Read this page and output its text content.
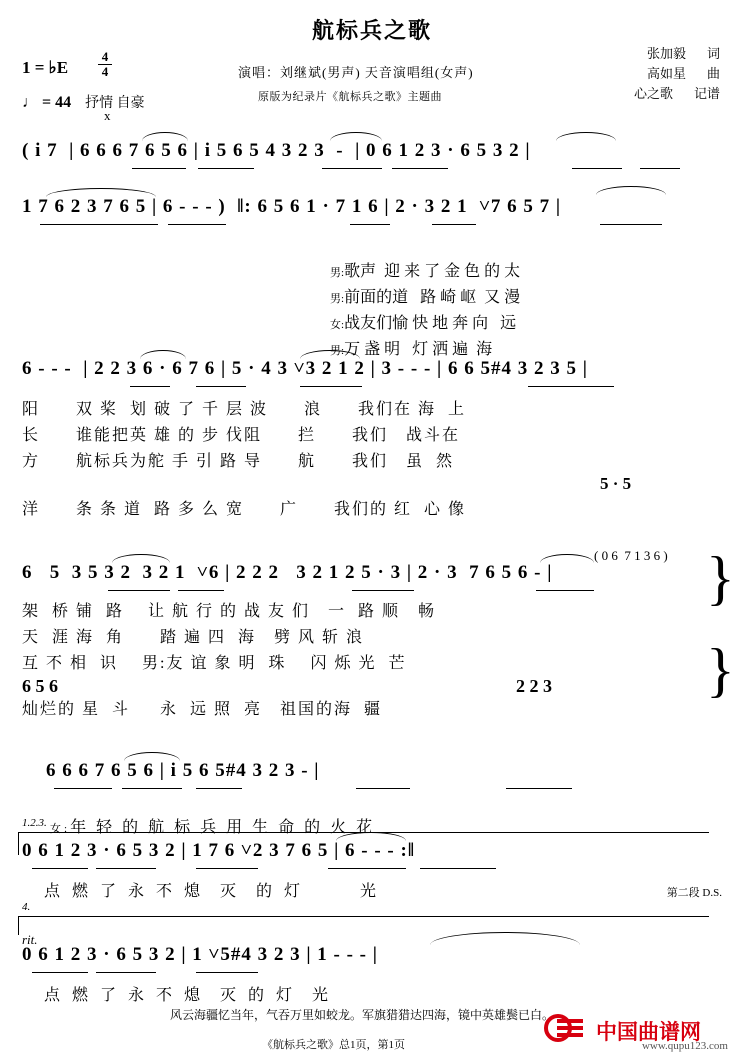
航标兵之歌
张加毅 词
高如星 曲
心之歌 记谱
演唱：刘继斌(男声) 天音演唱组(女声)
原版为纪录片《航标兵之歌》主题曲
1 = ♭E
4
4
♩ = 44 抒情 自豪
x
( i 7  | 6 6 6 7 6 5 6 | i 5 6 5 4 3 2 3  -  | 0 6 1 2 3 · 6 5 3 2 |
1 7 6 2 3 7 6 5 | 6 - - - )  ‖: 6 5 6 1 · 7 1 6 | 2 · 3 2 1  ˅7 6 5 7 |

男:歌声  迎 来 了 金 色 的 太

男:前面的道   路 崎 岖  又 漫

女:战友们愉 快 地 奔 向   远

男:万 盏 明   灯 洒 遍  海

6 - - -  | 2 2 3 6 · 6 7 6 | 5 · 4 3 ˅3 2 1 2 | 3 - - - | 6 6 5#4 3 2 3 5 |
阳      双 桨  划 破 了 千 层 波      浪      我们在 海  上
长      谁能把英 雄 的 步 伐阻      拦      我们   战斗在
方      航标兵为舵 手 引 路 导      航      我们   虽  然
5 · 5
洋      条 条 道  路 多 么 宽      广      我们的 红  心 像
( 0 6  7 1 3 6 )
6   5  3 5 3 2  3 2 1  ˅6 | 2 2 2   3 2 1 2 5 · 3 | 2 · 3  7 6 5 6 - |
架  桥 铺  路    让 航 行 的 战 友 们   一  路 顺   畅
天  涯 海  角      踏 遍 四  海   劈 风 斩 浪
互 不 相  识    男:友 谊 象 明  珠    闪 烁 光  芒
6 5 6	2 2 3
灿烂的 星  斗     永  远 照  亮   祖国的海  疆
}
}
6 6 6 7 6 5 6 | i 5 6 5#4 3 2 3 - |

女:年 轻 的 航 标 兵 用 生 命 的 火 花

1.2.3.
0 6 1 2 3 · 6 5 3 2 | 1 7 6 ˅2 3 7 6 5 | 6 - - - :‖
点 燃 了 永 不 熄  灭  的 灯       光	第二段 D.S.
4.
rit.
0 6 1 2 3 · 6 5 3 2 | 1 ˅5#4 3 2 3 | 1 - - - |
点 燃 了 永 不 熄  灭 的 灯  光
风云海疆忆当年，气吞万里如蛟龙。军旗猎猎达四海，镜中英雄鬓已白。
《航标兵之歌》总1页，第1页
中国曲谱网
www.qupu123.com
